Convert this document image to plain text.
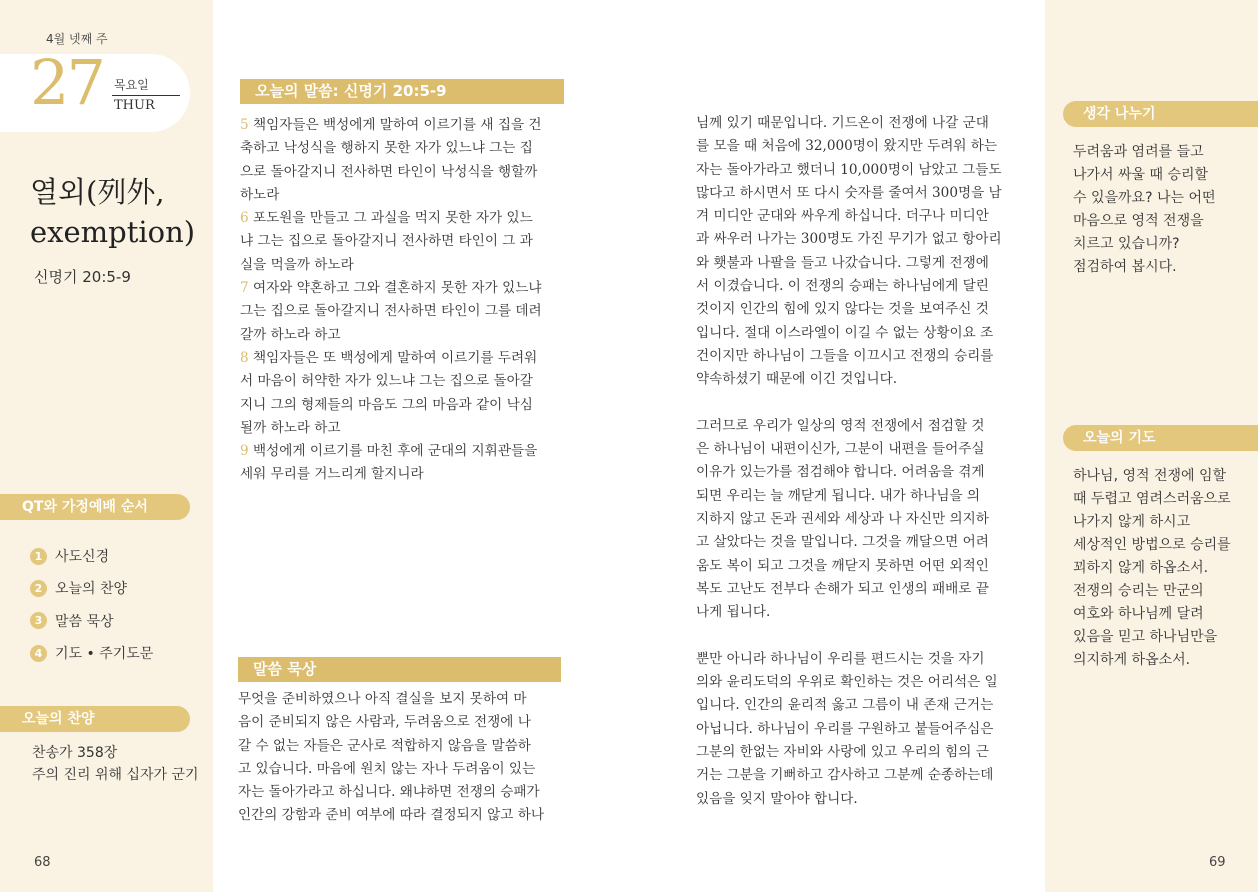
4월 넷째 주
27 목요일
THUR
열외(列外,
exemption)
신명기 20:5-9
QT와 가정예배 순서
1 사도신경
2 오늘의 찬양
3 말씀 묵상
4 기도 • 주기도문
오늘의 찬양
찬송가 358장
주의 진리 위해 십자가 군기
68
오늘의 말씀: 신명기 20:5-9

5 책임자들은 백성에게 말하여 이르기를 새 집을 건

축하고 낙성식을 행하지 못한 자가 있느냐 그는 집

으로 돌아갈지니 전사하면 타인이 낙성식을 행할까

하노라

6 포도원을 만들고 그 과실을 먹지 못한 자가 있느

냐 그는 집으로 돌아갈지니 전사하면 타인이 그 과

실을 먹을까 하노라

7 여자와 약혼하고 그와 결혼하지 못한 자가 있느냐

그는 집으로 돌아갈지니 전사하면 타인이 그를 데려

갈까 하노라 하고

8 책임자들은 또 백성에게 말하여 이르기를 두려워

서 마음이 허약한 자가 있느냐 그는 집으로 돌아갈

지니 그의 형제들의 마음도 그의 마음과 같이 낙심

될까 하노라 하고

9 백성에게 이르기를 마친 후에 군대의 지휘관들을

세워 무리를 거느리게 할지니라

말씀 묵상

무엇을 준비하였으나 아직 결실을 보지 못하여 마

음이 준비되지 않은 사람과, 두려움으로 전쟁에 나

갈 수 없는 자들은 군사로 적합하지 않음을 말씀하

고 있습니다. 마음에 원치 않는 자나 두려움이 있는

자는 돌아가라고 하십니다. 왜냐하면 전쟁의 승패가

인간의 강함과 준비 여부에 따라 결정되지 않고 하나

님께 있기 때문입니다. 기드온이 전쟁에 나갈 군대

를 모을 때 처음에 32,000명이 왔지만 두려워 하는

자는 돌아가라고 했더니 10,000명이 남았고 그들도

많다고 하시면서 또 다시 숫자를 줄여서 300명을 남

겨 미디안 군대와 싸우게 하십니다. 더구나 미디안

과 싸우러 나가는 300명도 가진 무기가 없고 항아리

와 횃불과 나팔을 들고 나갔습니다. 그렇게 전쟁에

서 이겼습니다. 이 전쟁의 승패는 하나님에게 달린

것이지 인간의 힘에 있지 않다는 것을 보여주신 것

입니다. 절대 이스라엘이 이길 수 없는 상황이요 조

건이지만 하나님이 그들을 이끄시고 전쟁의 승리를

약속하셨기 때문에 이긴 것입니다.

그러므로 우리가 일상의 영적 전쟁에서 점검할 것

은 하나님이 내편이신가, 그분이 내편을 들어주실

이유가 있는가를 점검해야 합니다. 어려움을 겪게

되면 우리는 늘 깨닫게 됩니다. 내가 하나님을 의

지하지 않고 돈과 권세와 세상과 나 자신만 의지하

고 살았다는 것을 말입니다. 그것을 깨달으면 어려

움도 복이 되고 그것을 깨닫지 못하면 어떤 외적인

복도 고난도 전부다 손해가 되고 인생의 패배로 끝

나게 됩니다.

뿐만 아니라 하나님이 우리를 편드시는 것을 자기

의와 윤리도덕의 우위로 확인하는 것은 어리석은 일

입니다. 인간의 윤리적 옳고 그름이 내 존재 근거는

아닙니다. 하나님이 우리를 구원하고 붙들어주심은

그분의 한없는 자비와 사랑에 있고 우리의 힘의 근

거는 그분을 기뻐하고 감사하고 그분께 순종하는데

있음을 잊지 말아야 합니다.

생각 나누기
오늘의 기도
69
두려움과 염려를 들고
나가서 싸울 때 승리할
수 있을까요? 나는 어떤
마음으로 영적 전쟁을
치르고 있습니까?
점검하여 봅시다.
하나님, 영적 전쟁에 임할
때 두렵고 염려스러움으로
나가지 않게 하시고
세상적인 방법으로 승리를
꾀하지 않게 하옵소서.
전쟁의 승리는 만군의
여호와 하나님께 달려
있음을 믿고 하나님만을
의지하게 하옵소서.
